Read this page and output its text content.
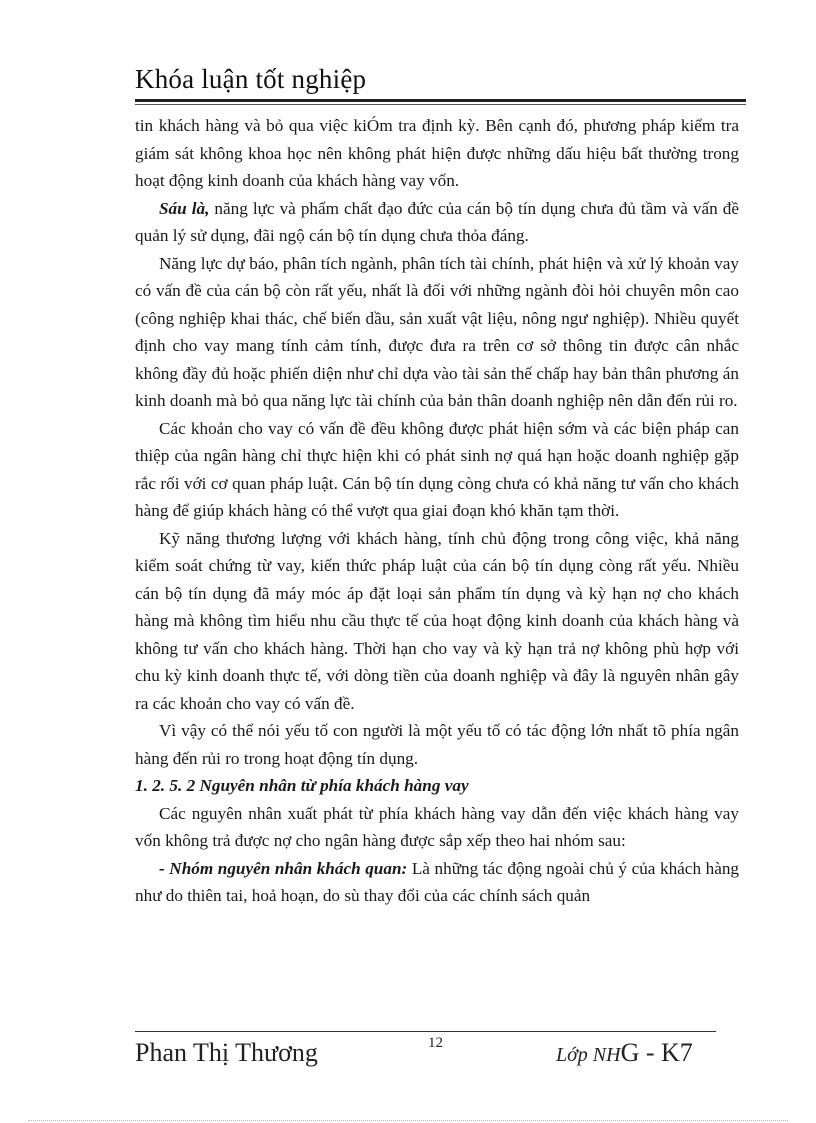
Khóa luận tốt nghiệp

tin khách hàng và bỏ qua việc kiÓm tra định kỳ. Bên cạnh đó, phương pháp kiểm tra giám sát không khoa học nên không phát hiện được những dấu hiệu bất thường trong hoạt động kinh doanh của khách hàng vay vốn.

Sáu là, năng lực và phẩm chất đạo đức của cán bộ tín dụng chưa đủ tầm và vấn đề quản lý sử dụng, đãi ngộ cán bộ tín dụng chưa thỏa đáng.

Năng lực dự báo, phân tích ngành, phân tích tài chính, phát hiện và xử lý khoản vay có vấn đề của cán bộ còn rất yếu, nhất là đối với những ngành đòi hỏi chuyên môn cao (công nghiệp khai thác, chế biến dầu, sản xuất vật liệu, nông ngư nghiệp). Nhiều quyết định cho vay mang tính cảm tính, được đưa ra trên cơ sở thông tin được cân nhắc không đầy đủ hoặc phiến diện như chỉ dựa vào tài sản thế chấp hay bản thân phương án kinh doanh mà bỏ qua năng lực tài chính của bản thân doanh nghiệp nên dẫn đến rủi ro.

Các khoản cho vay có vấn đề đều không được phát hiện sớm và các biện pháp can thiệp của ngân hàng chỉ thực hiện khi có phát sinh nợ quá hạn hoặc doanh nghiệp gặp rắc rối với cơ quan pháp luật. Cán bộ tín dụng còng chưa có khả năng tư vấn cho khách hàng để giúp khách hàng có thể vượt qua giai đoạn khó khăn tạm thời.

Kỹ năng thương lượng với khách hàng, tính chủ động trong công việc, khả năng kiểm soát chứng từ vay, kiến thức pháp luật của cán bộ tín dụng còng rất yếu. Nhiều cán bộ tín dụng đã máy móc áp đặt loại sản phẩm tín dụng và kỳ hạn nợ cho khách hàng mà không tìm hiểu nhu cầu thực tế của hoạt động kinh doanh của khách hàng và không tư vấn cho khách hàng. Thời hạn cho vay và kỳ hạn trả nợ không phù hợp với chu kỳ kinh doanh thực tế, với dòng tiền của doanh nghiệp và đây là nguyên nhân gây ra các khoản cho vay có vấn đề.

Vì vậy có thể nói yếu tố con người là một yếu tố có tác động lớn nhất tõ phía ngân hàng đến rủi ro trong hoạt động tín dụng.

1. 2. 5. 2 Nguyên nhân từ phía khách hàng vay

Các nguyên nhân xuất phát từ phía khách hàng vay dẫn đến việc khách hàng vay vốn không trả được nợ cho ngân hàng được sắp xếp theo hai nhóm sau:

- Nhóm nguyên nhân khách quan: Là những tác động ngoài chủ ý của khách hàng như do thiên tai, hoả hoạn, do sù thay đổi của các chính sách quản

Phan Thị Thương	12
Lớp NHG - K7
